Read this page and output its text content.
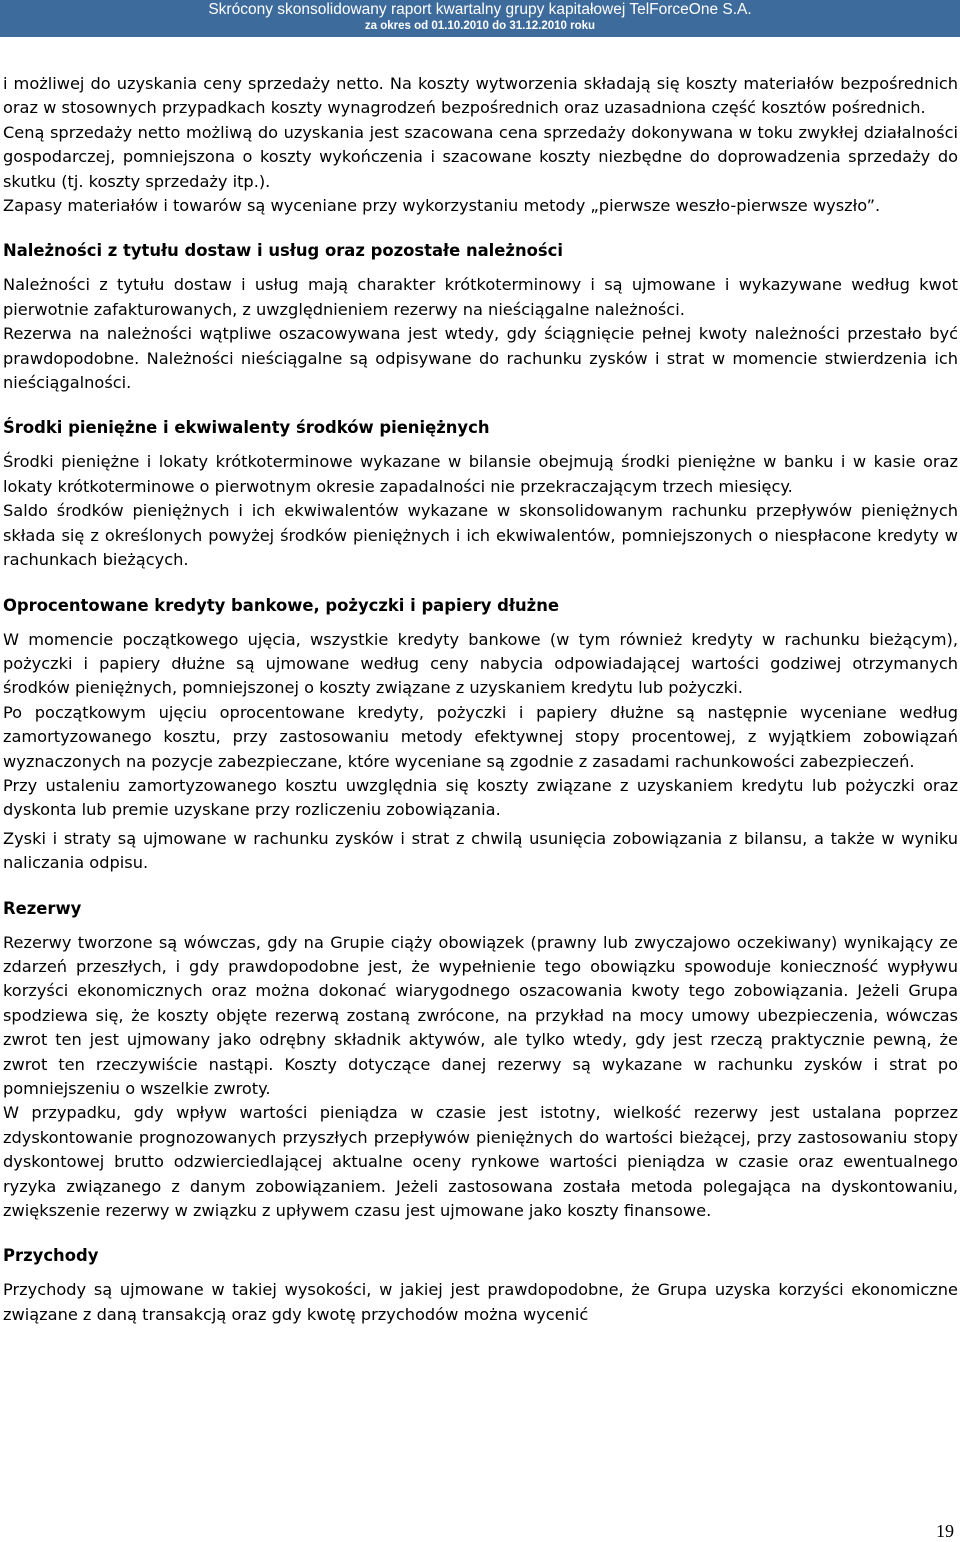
Skrócony skonsolidowany raport kwartalny grupy kapitałowej TelForceOne S.A.
za okres od 01.10.2010 do 31.12.2010 roku

i możliwej do uzyskania ceny sprzedaży netto. Na koszty wytworzenia składają się koszty materiałów bezpośrednich oraz w stosownych przypadkach koszty wynagrodzeń bezpośrednich oraz uzasadniona część kosztów pośrednich.

Ceną sprzedaży netto możliwą do uzyskania jest szacowana cena sprzedaży dokonywana w toku zwykłej działalności gospodarczej, pomniejszona o koszty wykończenia i szacowane koszty niezbędne do doprowadzenia sprzedaży do skutku (tj. koszty sprzedaży itp.).

Zapasy materiałów i towarów są wyceniane przy wykorzystaniu metody „pierwsze weszło-pierwsze wyszło”.

Należności z tytułu dostaw i usług oraz pozostałe należności

Należności z tytułu dostaw i usług mają charakter krótkoterminowy i są ujmowane i wykazywane według kwot pierwotnie zafakturowanych, z uwzględnieniem rezerwy na nieściągalne należności.

Rezerwa na należności wątpliwe oszacowywana jest wtedy, gdy ściągnięcie pełnej kwoty należności przestało być prawdopodobne. Należności nieściągalne są odpisywane do rachunku zysków i strat w momencie stwierdzenia ich nieściągalności.

Środki pieniężne i ekwiwalenty środków pieniężnych

Środki pieniężne i lokaty krótkoterminowe wykazane w bilansie obejmują środki pieniężne w banku i w kasie oraz lokaty krótkoterminowe o pierwotnym okresie zapadalności nie przekraczającym trzech miesięcy.

Saldo środków pieniężnych i ich ekwiwalentów wykazane w skonsolidowanym rachunku przepływów pieniężnych składa się z określonych powyżej środków pieniężnych i ich ekwiwalentów, pomniejszonych o niespłacone kredyty w rachunkach bieżących.

Oprocentowane kredyty bankowe, pożyczki i papiery dłużne

W momencie początkowego ujęcia, wszystkie kredyty bankowe (w tym również kredyty w rachunku bieżącym), pożyczki i papiery dłużne są ujmowane według ceny nabycia odpowiadającej wartości godziwej otrzymanych środków pieniężnych, pomniejszonej o koszty związane z uzyskaniem kredytu lub pożyczki.

Po początkowym ujęciu oprocentowane kredyty, pożyczki i papiery dłużne są następnie wyceniane według zamortyzowanego kosztu, przy zastosowaniu metody efektywnej stopy procentowej, z wyjątkiem zobowiązań wyznaczonych na pozycje zabezpieczane, które wyceniane są zgodnie z zasadami rachunkowości zabezpieczeń.

Przy ustaleniu zamortyzowanego kosztu uwzględnia się koszty związane z uzyskaniem kredytu lub pożyczki oraz dyskonta lub premie uzyskane przy rozliczeniu zobowiązania.

Zyski i straty są ujmowane w rachunku zysków i strat z chwilą usunięcia zobowiązania z bilansu, a także w wyniku naliczania odpisu.

Rezerwy

Rezerwy tworzone są wówczas, gdy na Grupie ciąży obowiązek (prawny lub zwyczajowo oczekiwany) wynikający ze zdarzeń przeszłych, i gdy prawdopodobne jest, że wypełnienie tego obowiązku spowoduje konieczność wypływu korzyści ekonomicznych oraz można dokonać wiarygodnego oszacowania kwoty tego zobowiązania. Jeżeli Grupa spodziewa się, że koszty objęte rezerwą zostaną zwrócone, na przykład na mocy umowy ubezpieczenia, wówczas zwrot ten jest ujmowany jako odrębny składnik aktywów, ale tylko wtedy, gdy jest rzeczą praktycznie pewną, że zwrot ten rzeczywiście nastąpi. Koszty dotyczące danej rezerwy są wykazane w rachunku zysków i strat po pomniejszeniu o wszelkie zwroty.

W przypadku, gdy wpływ wartości pieniądza w czasie jest istotny, wielkość rezerwy jest ustalana poprzez zdyskontowanie prognozowanych przyszłych przepływów pieniężnych do wartości bieżącej, przy zastosowaniu stopy dyskontowej brutto odzwierciedlającej aktualne oceny rynkowe wartości pieniądza w czasie oraz ewentualnego ryzyka związanego z danym zobowiązaniem. Jeżeli zastosowana została metoda polegająca na dyskontowaniu, zwiększenie rezerwy w związku z upływem czasu jest ujmowane jako koszty finansowe.

Przychody

Przychody są ujmowane w takiej wysokości, w jakiej jest prawdopodobne, że Grupa uzyska korzyści ekonomiczne związane z daną transakcją oraz gdy kwotę przychodów można wycenić

19
